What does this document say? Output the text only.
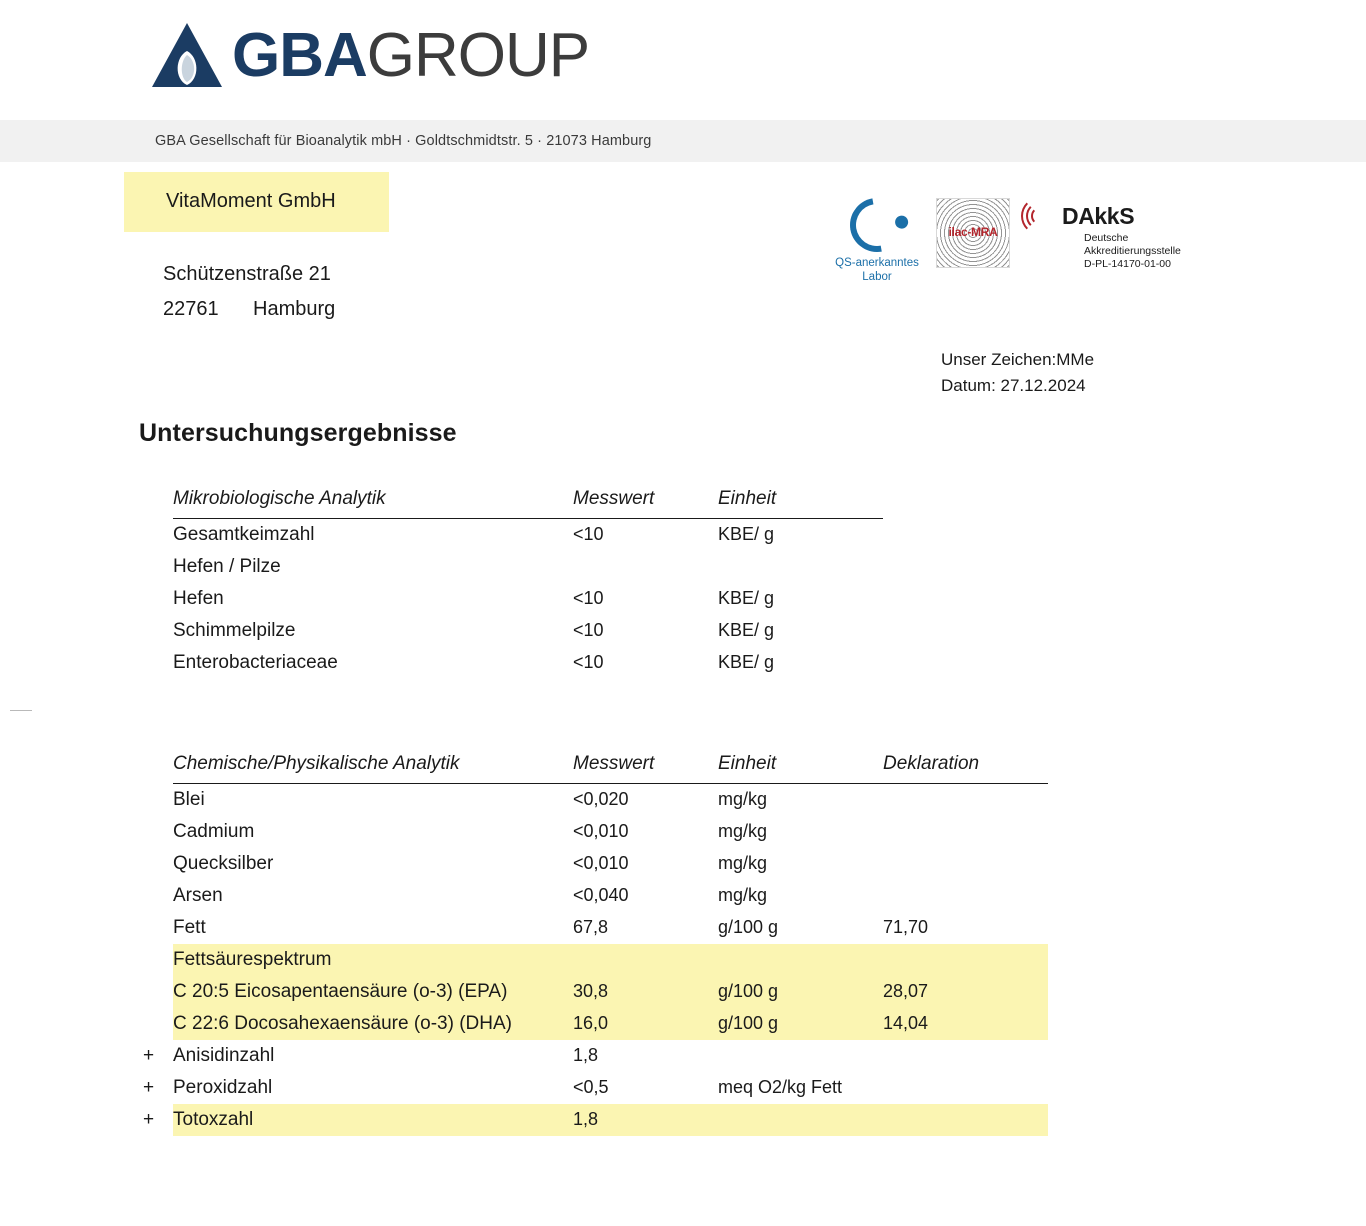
GBAGROUP
GBA Gesellschaft für Bioanalytik mbH · Goldtschmidtstr. 5 · 21073 Hamburg
VitaMoment GmbH
Schützenstraße 21
22761 Hamburg
QS-anerkanntes
Labor
ilac-MRA
DAkkS
Deutsche
Akkreditierungsstelle
D-PL-14170-01-00
Unser Zeichen:MMe
Datum: 27.12.2024
Untersuchungsergebnisse
Mikrobiologische Analytik	Messwert	Einheit
Gesamtkeimzahl	<10	KBE/ g
Hefen / Pilze		
Hefen	<10	KBE/ g
Schimmelpilze	<10	KBE/ g
Enterobacteriaceae	<10	KBE/ g
Chemische/Physikalische Analytik	Messwert	Einheit	Deklaration
Blei	<0,020	mg/kg	
Cadmium	<0,010	mg/kg	
Quecksilber	<0,010	mg/kg	
Arsen	<0,040	mg/kg	
Fett	67,8	g/100 g	71,70
Fettsäurespektrum			
C 20:5 Eicosapentaensäure (o-3) (EPA)	30,8	g/100 g	28,07
C 22:6 Docosahexaensäure (o-3) (DHA)	16,0	g/100 g	14,04

+ Anisidinzahl	1,8		

+ Peroxidzahl	<0,5	meq O2/kg Fett	

+ Totoxzahl	1,8		
